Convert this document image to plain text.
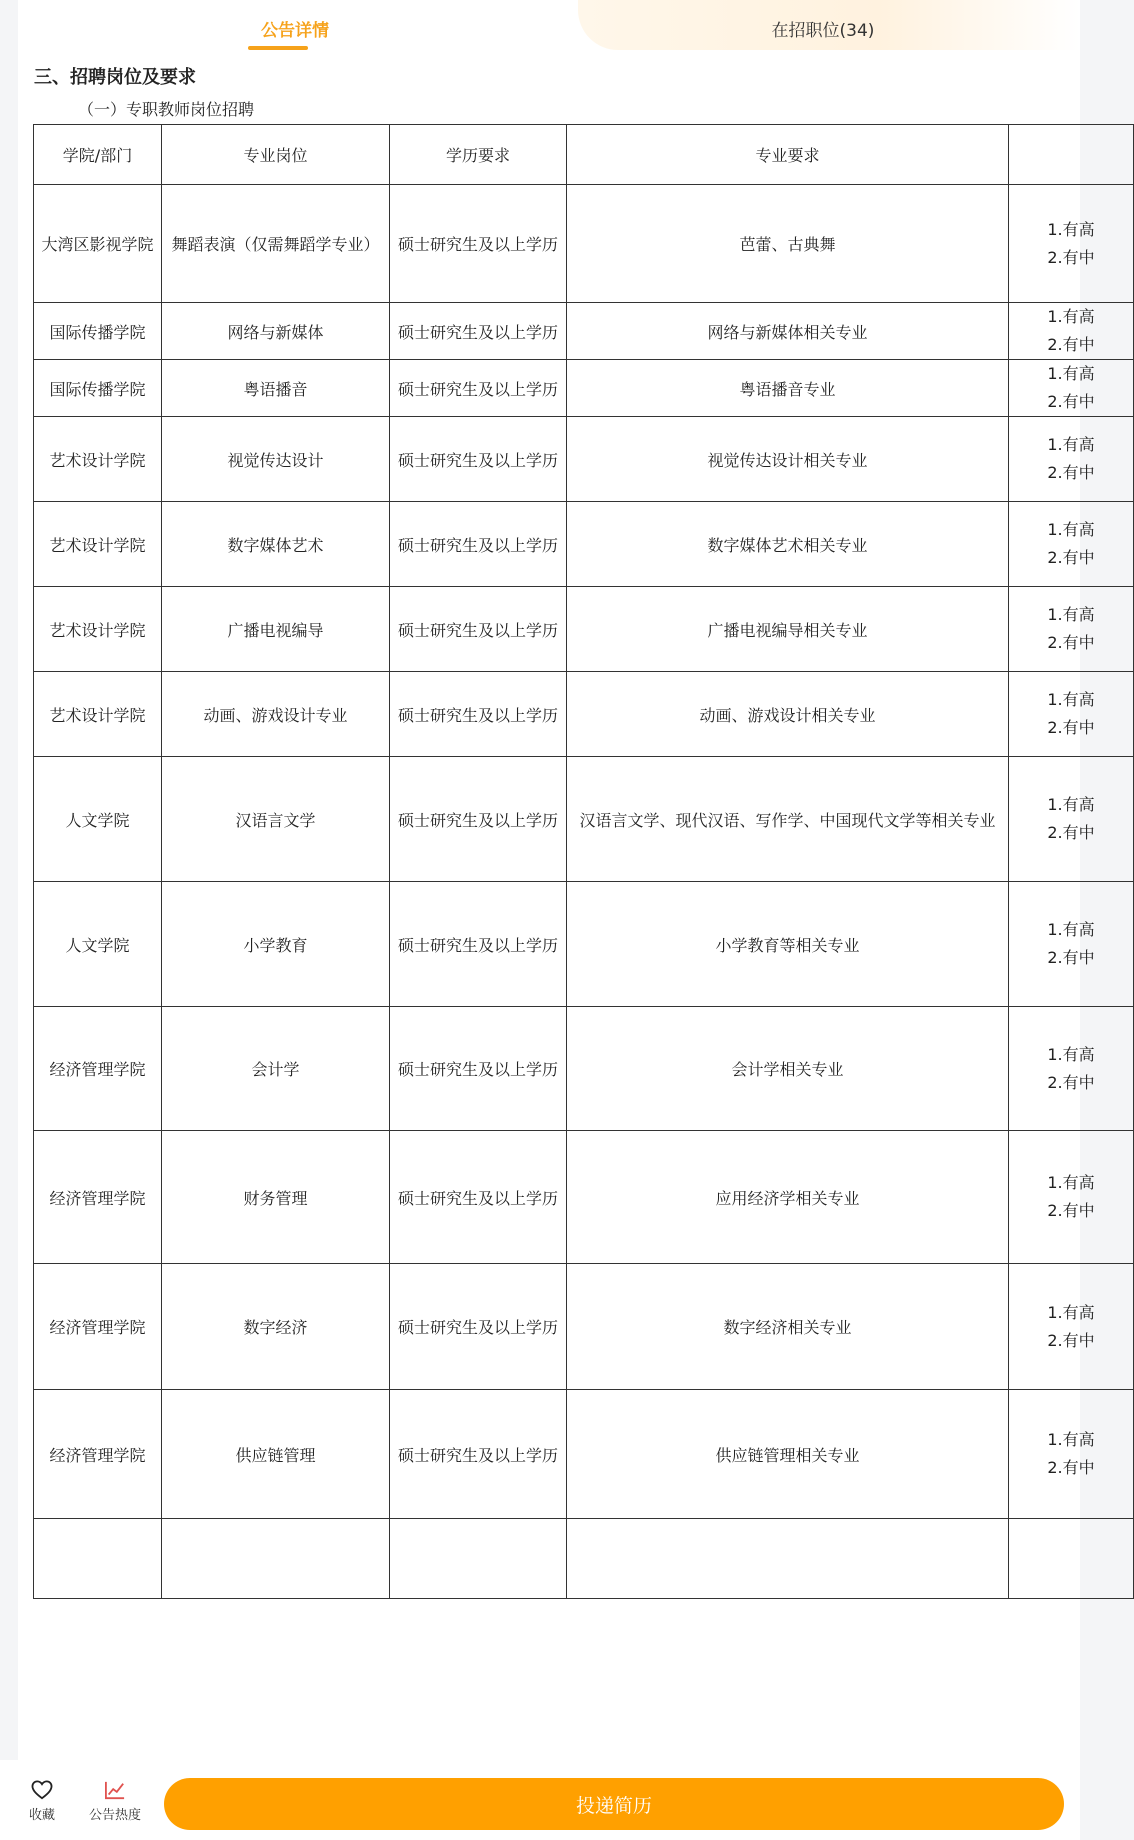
公告详情	在招职位(34)
三、招聘岗位及要求
（一）专职教师岗位招聘
学院/部门	专业岗位	学历要求	专业要求	
大湾区影视学院	舞蹈表演（仅需舞蹈学专业）	硕士研究生及以上学历	芭蕾、古典舞	1.有高
2.有中

国际传播学院	网络与新媒体	硕士研究生及以上学历	网络与新媒体相关专业	1.有高
2.有中

国际传播学院	粤语播音	硕士研究生及以上学历	粤语播音专业	1.有高
2.有中

艺术设计学院	视觉传达设计	硕士研究生及以上学历	视觉传达设计相关专业	1.有高
2.有中

艺术设计学院	数字媒体艺术	硕士研究生及以上学历	数字媒体艺术相关专业	1.有高
2.有中

艺术设计学院	广播电视编导	硕士研究生及以上学历	广播电视编导相关专业	1.有高
2.有中

艺术设计学院	动画、游戏设计专业	硕士研究生及以上学历	动画、游戏设计相关专业	1.有高
2.有中

人文学院	汉语言文学	硕士研究生及以上学历	汉语言文学、现代汉语、写作学、中国现代文学等相关专业	1.有高
2.有中

人文学院	小学教育	硕士研究生及以上学历	小学教育等相关专业	1.有高
2.有中

经济管理学院	会计学	硕士研究生及以上学历	会计学相关专业	1.有高
2.有中

经济管理学院	财务管理	硕士研究生及以上学历	应用经济学相关专业	1.有高
2.有中

经济管理学院	数字经济	硕士研究生及以上学历	数字经济相关专业	1.有高
2.有中

经济管理学院	供应链管理	硕士研究生及以上学历	供应链管理相关专业	1.有高
2.有中

收藏	公告热度	投递简历
